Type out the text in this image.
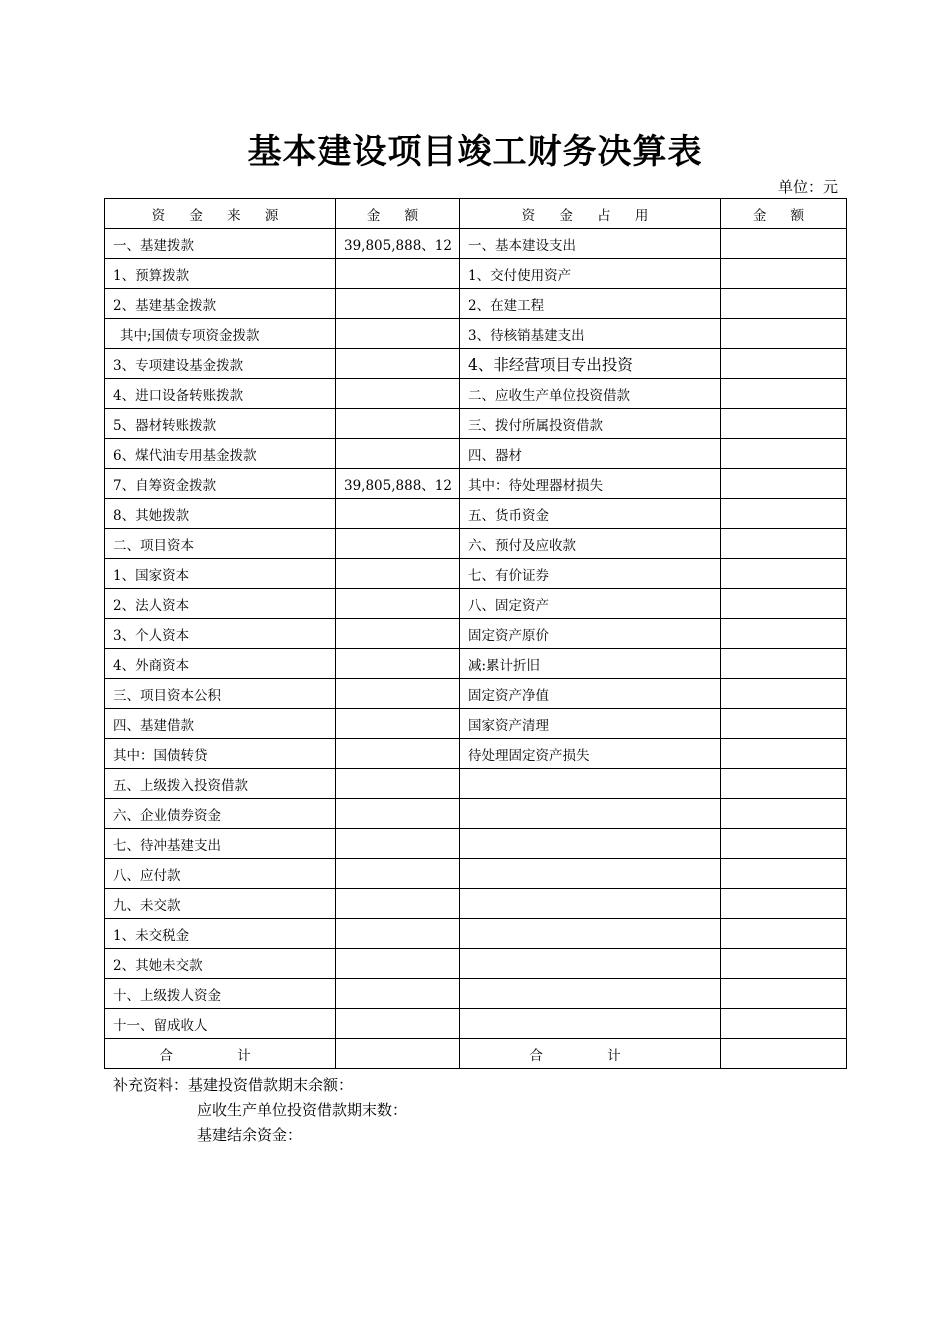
基本建设项目竣工财务决算表
单位：元
资 金 来 源	金 额	资 金 占 用	金 额
一、基建拨款	39,805,888、12	一、基本建设支出	
1、预算拨款		1、交付使用资产	
2、基建基金拨款		2、在建工程	
其中;国债专项资金拨款		3、待核销基建支出	
3、专项建设基金拨款		4、非经营项目专出投资	
4、进口设备转账拨款		二、应收生产单位投资借款	
5、器材转账拨款		三、拨付所属投资借款	
6、煤代油专用基金拨款		四、器材	
7、自筹资金拨款	39,805,888、12	其中：待处理器材损失	
8、其她拨款		五、货币资金	
二、项目资本		六、预付及应收款	
1、国家资本		七、有价证券	
2、法人资本		八、固定资产	
3、个人资本		固定资产原价	
4、外商资本		减:累计折旧	
三、项目资本公积		固定资产净值	
四、基建借款		国家资产清理	
其中：国债转贷		待处理固定资产损失	
五、上级拨入投资借款			
六、企业债券资金			
七、待冲基建支出			
八、应付款			
九、未交款			
1、未交税金			
2、其她未交款			
十、上级拨人资金			
十一、留成收人			
合 计		合 计	
补充资料：基建投资借款期末余额：
应收生产单位投资借款期末数：
基建结余资金：
